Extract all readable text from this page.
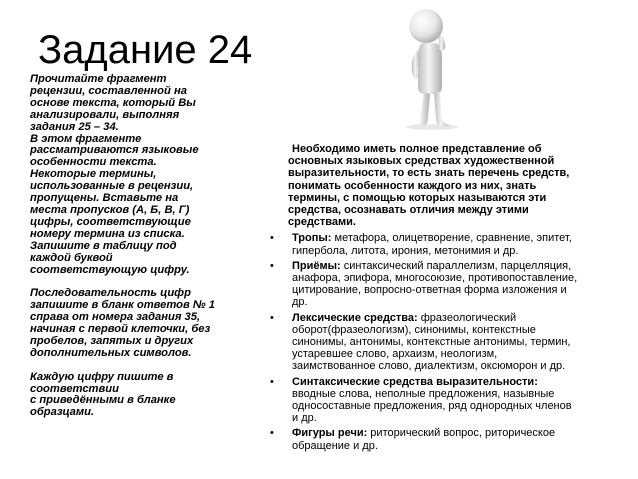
Задание 24
Прочитайте фрагмент
рецензии, составленной на
основе текста, который Вы
анализировали, выполняя
задания 25 – 34.
В этом фрагменте
рассматриваются языковые
особенности текста.
Некоторые термины,
использованные в рецензии,
пропущены. Вставьте на
места пропусков (А, Б, В, Г)
цифры, соответствующие
номеру термина из списка.
Запишите в таблицу под
каждой буквой
соответствующую цифру.
Последовательность цифр
запишите в бланк ответов № 1
справа от номера задания 35,
начиная с первой клеточки, без
пробелов, запятых и других
дополнительных символов.
Каждую цифру пишите в
соответствии
с приведёнными в бланке
образцами.
Необходимо иметь полное представление об
основных языковых средствах художественной
выразительности, то есть знать перечень средств,
понимать особенности каждого из них, знать
термины, с помощью которых называются эти
средства, осознавать отличия между этими
средствами.
• Тропы: метафора, олицетворение, сравнение, эпитет,
гипербола, литота, ирония, метонимия и др.
• Приёмы: синтаксический параллелизм, парцелляция,
анафора, эпифора, многосоюзие, противопоставление,
цитирование, вопросно-ответная форма изложения и
др.
• Лексические средства: фразеологический
оборот(фразеологизм), синонимы, контекстные
синонимы, антонимы, контекстные антонимы, термин,
устаревшее слово, архаизм, неологизм,
заимствованное слово, диалектизм, оксюморон и др.
• Синтаксические средства выразительности:
вводные слова, неполные предложения, назывные
односоставные предложения, ряд однородных членов
и др.
• Фигуры речи: риторический вопрос, риторическое
обращение и др.
